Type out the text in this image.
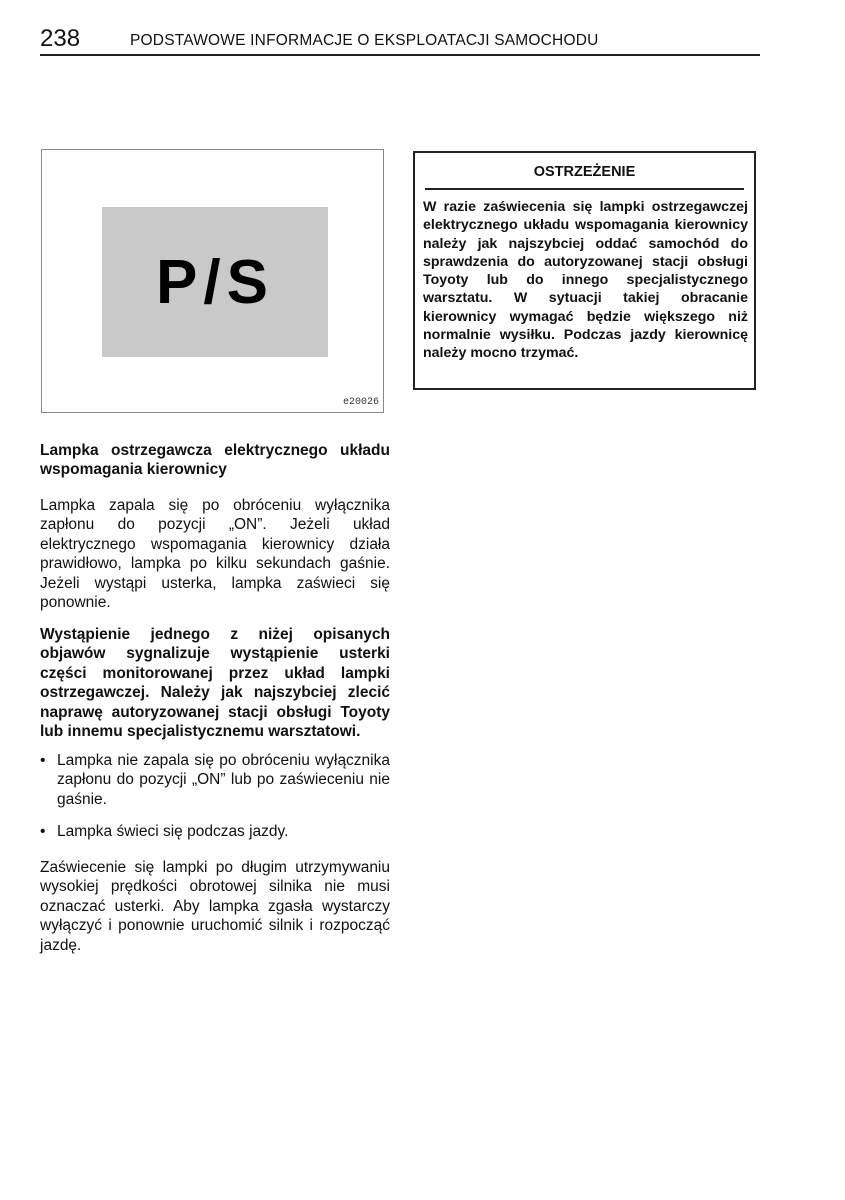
238	PODSTAWOWE INFORMACJE O EKSPLOATACJI SAMOCHODU
P/S
e20026
OSTRZEŻENIE
W razie zaświecenia się lampki ostrzegawczej elektrycznego układu wspomagania kierownicy należy jak najszybciej oddać samochód do sprawdzenia do autoryzowanej stacji obsługi Toyoty lub do innego specjalistycznego warsztatu. W sytuacji takiej obracanie kierownicy wymagać będzie większego niż normalnie wysiłku. Podczas jazdy kierownicę należy mocno trzymać.

Lampka ostrzegawcza elektrycznego układu wspomagania kierownicy

Lampka zapala się po obróceniu wyłącznika zapłonu do pozycji „ON”. Jeżeli układ elektrycznego wspomagania kierownicy działa prawidłowo, lampka po kilku sekundach gaśnie. Jeżeli wystąpi usterka, lampka zaświeci się ponownie.

Wystąpienie jednego z niżej opisanych objawów sygnalizuje wystąpienie usterki części monitorowanej przez układ lampki ostrzegawczej. Należy jak najszybciej zlecić naprawę autoryzowanej stacji obsługi Toyoty lub innemu specjalistycznemu warsztatowi.

• Lampka nie zapala się po obróceniu wyłącznika zapłonu do pozycji „ON” lub po zaświeceniu nie gaśnie.
• Lampka świeci się podczas jazdy.

Zaświecenie się lampki po długim utrzymywaniu wysokiej prędkości obrotowej silnika nie musi oznaczać usterki. Aby lampka zgasła wystarczy wyłączyć i ponownie uruchomić silnik i rozpocząć jazdę.
